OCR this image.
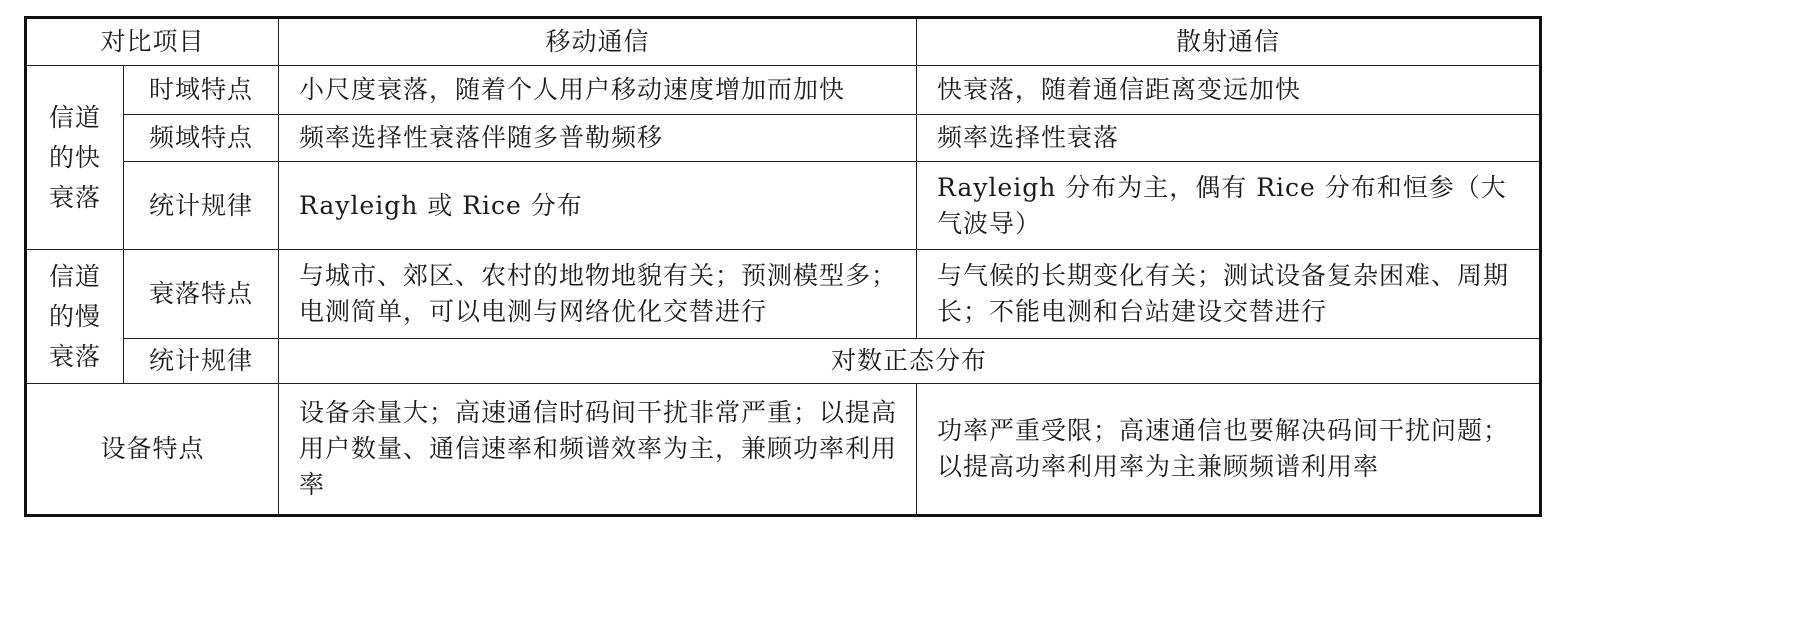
对比项目		移动通信	散射通信

信道
的快
衰落	时域特点	小尺度衰落，随着个人用户移动速度增加而加快	快衰落，随着通信距离变远加快
	频域特点	频率选择性衰落伴随多普勒频移	频率选择性衰落
	统计规律	Rayleigh 或 Rice 分布	Rayleigh 分布为主，偶有 Rice 分布和恒参（大气波导）

信道
的慢
衰落	衰落特点	与城市、郊区、农村的地物地貌有关；预测模型多；电测简单，可以电测与网络优化交替进行	与气候的长期变化有关；测试设备复杂困难、周期长；不能电测和台站建设交替进行
	统计规律	对数正态分布	
设备特点		设备余量大；高速通信时码间干扰非常严重；以提高用户数量、通信速率和频谱效率为主，兼顾功率利用率	功率严重受限；高速通信也要解决码间干扰问题；以提高功率利用率为主兼顾频谱利用率
